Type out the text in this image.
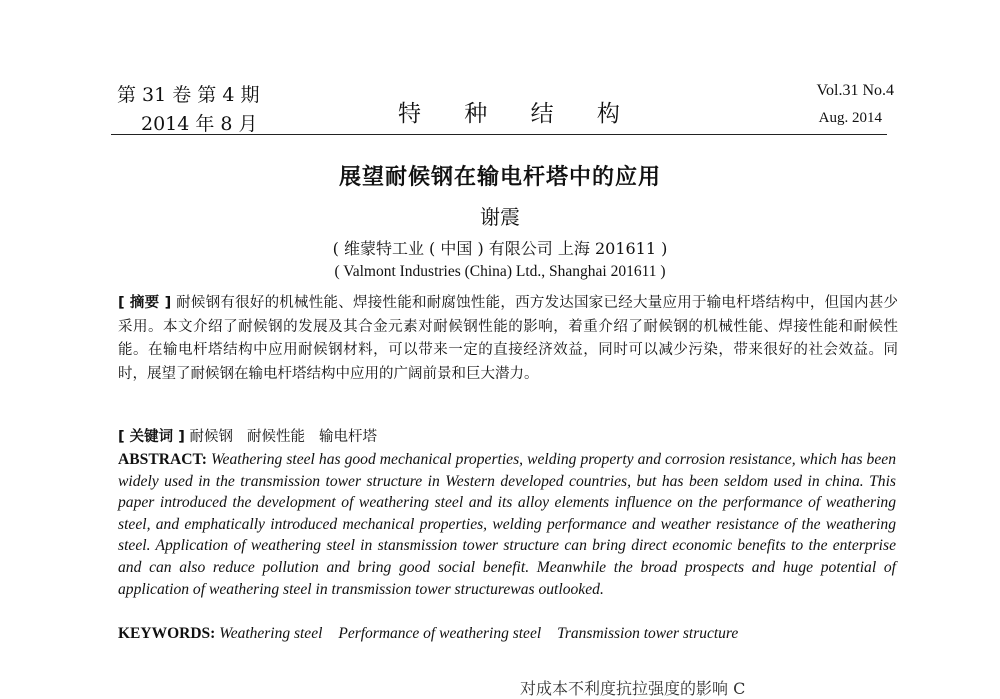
第 31 卷 第 4 期
2014 年 8 月	特 种 结 构
Vol.31 No.4
Aug. 2014
展望耐候钢在输电杆塔中的应用
谢震
( 维蒙特工业 ( 中国 ) 有限公司 上海 201611 )
( Valmont Industries (China) Ltd., Shanghai 201611 )
[ 摘要 ] 耐候钢有很好的机械性能、焊接性能和耐腐蚀性能，西方发达国家已经大量应用于输电杆塔结构中，但国内甚少采用。本文介绍了耐候钢的发展及其合金元素对耐候钢性能的影响，着重介绍了耐候钢的机械性能、焊接性能和耐候性能。在输电杆塔结构中应用耐候钢材料，可以带来一定的直接经济效益，同时可以减少污染，带来很好的社会效益。同时，展望了耐候钢在输电杆塔结构中应用的广阔前景和巨大潜力。
[ 关键词 ] 耐候钢 耐候性能 输电杆塔
ABSTRACT: Weathering steel has good mechanical properties, welding property and corrosion resistance, which has been widely used in the transmission tower structure in Western developed countries, but has been seldom used in china. This paper introduced the development of weathering steel and its alloy elements influence on the performance of weathering steel, and emphatically introduced mechanical properties, welding performance and weather resistance of the weathering steel. Application of weathering steel in stansmission tower structure can bring direct economic benefits to the enterprise and can also reduce pollution and bring good social benefit. Meanwhile the broad prospects and huge potential of application of weathering steel in transmission tower structurewas outlooked.
KEYWORDS: Weathering steel Performance of weathering steel Transmission tower structure
对成本不利度抗拉强度的影响 C
